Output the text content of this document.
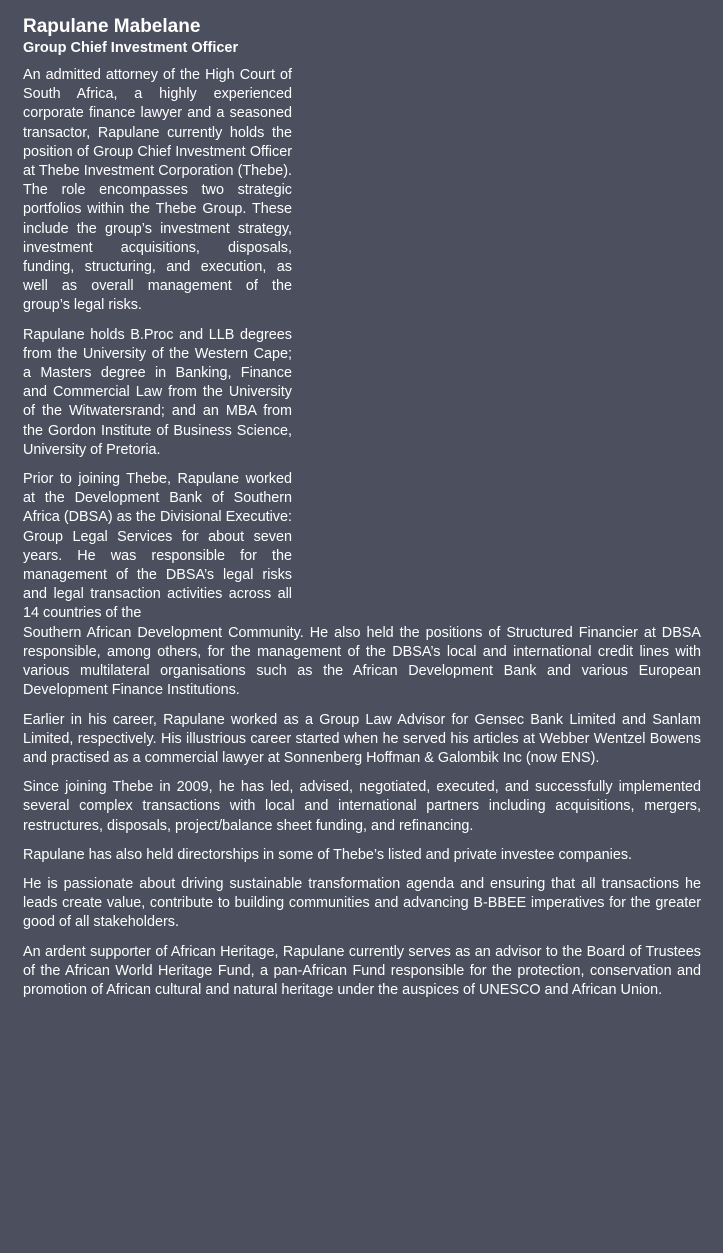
Rapulane Mabelane
Group Chief Investment Officer

An admitted attorney of the High Court of South Africa, a highly experienced corporate finance lawyer and a seasoned transactor, Rapulane currently holds the position of Group Chief Investment Officer at Thebe Investment Corporation (Thebe). The role encompasses two strategic portfolios within the Thebe Group. These include the group’s investment strategy, investment acquisitions, disposals, funding, structuring, and execution, as well as overall management of the group’s legal risks.

Rapulane holds B.Proc and LLB degrees from the University of the Western Cape; a Masters degree in Banking, Finance and Commercial Law from the University of the Witwatersrand; and an MBA from the Gordon Institute of Business Science, University of Pretoria.

Prior to joining Thebe, Rapulane worked at the Development Bank of Southern Africa (DBSA) as the Divisional Executive: Group Legal Services for about seven years. He was responsible for the management of the DBSA’s legal risks and legal transaction activities across all 14 countries of the

Southern African Development Community. He also held the positions of Structured Financier at DBSA responsible, among others, for the management of the DBSA’s local and international credit lines with various multilateral organisations such as the African Development Bank and various European Development Finance Institutions.

Earlier in his career, Rapulane worked as a Group Law Advisor for Gensec Bank Limited and Sanlam Limited, respectively. His illustrious career started when he served his articles at Webber Wentzel Bowens and practised as a commercial lawyer at Sonnenberg Hoffman & Galombik Inc (now ENS).

Since joining Thebe in 2009, he has led, advised, negotiated, executed, and successfully implemented several complex transactions with local and international partners including acquisitions, mergers, restructures, disposals, project/balance sheet funding, and refinancing.

Rapulane has also held directorships in some of Thebe’s listed and private investee companies.

He is passionate about driving sustainable transformation agenda and ensuring that all transactions he leads create value, contribute to building communities and advancing B-BBEE imperatives for the greater good of all stakeholders.

An ardent supporter of African Heritage, Rapulane currently serves as an advisor to the Board of Trustees of the African World Heritage Fund, a pan-African Fund responsible for the protection, conservation and promotion of African cultural and natural heritage under the auspices of UNESCO and African Union.
